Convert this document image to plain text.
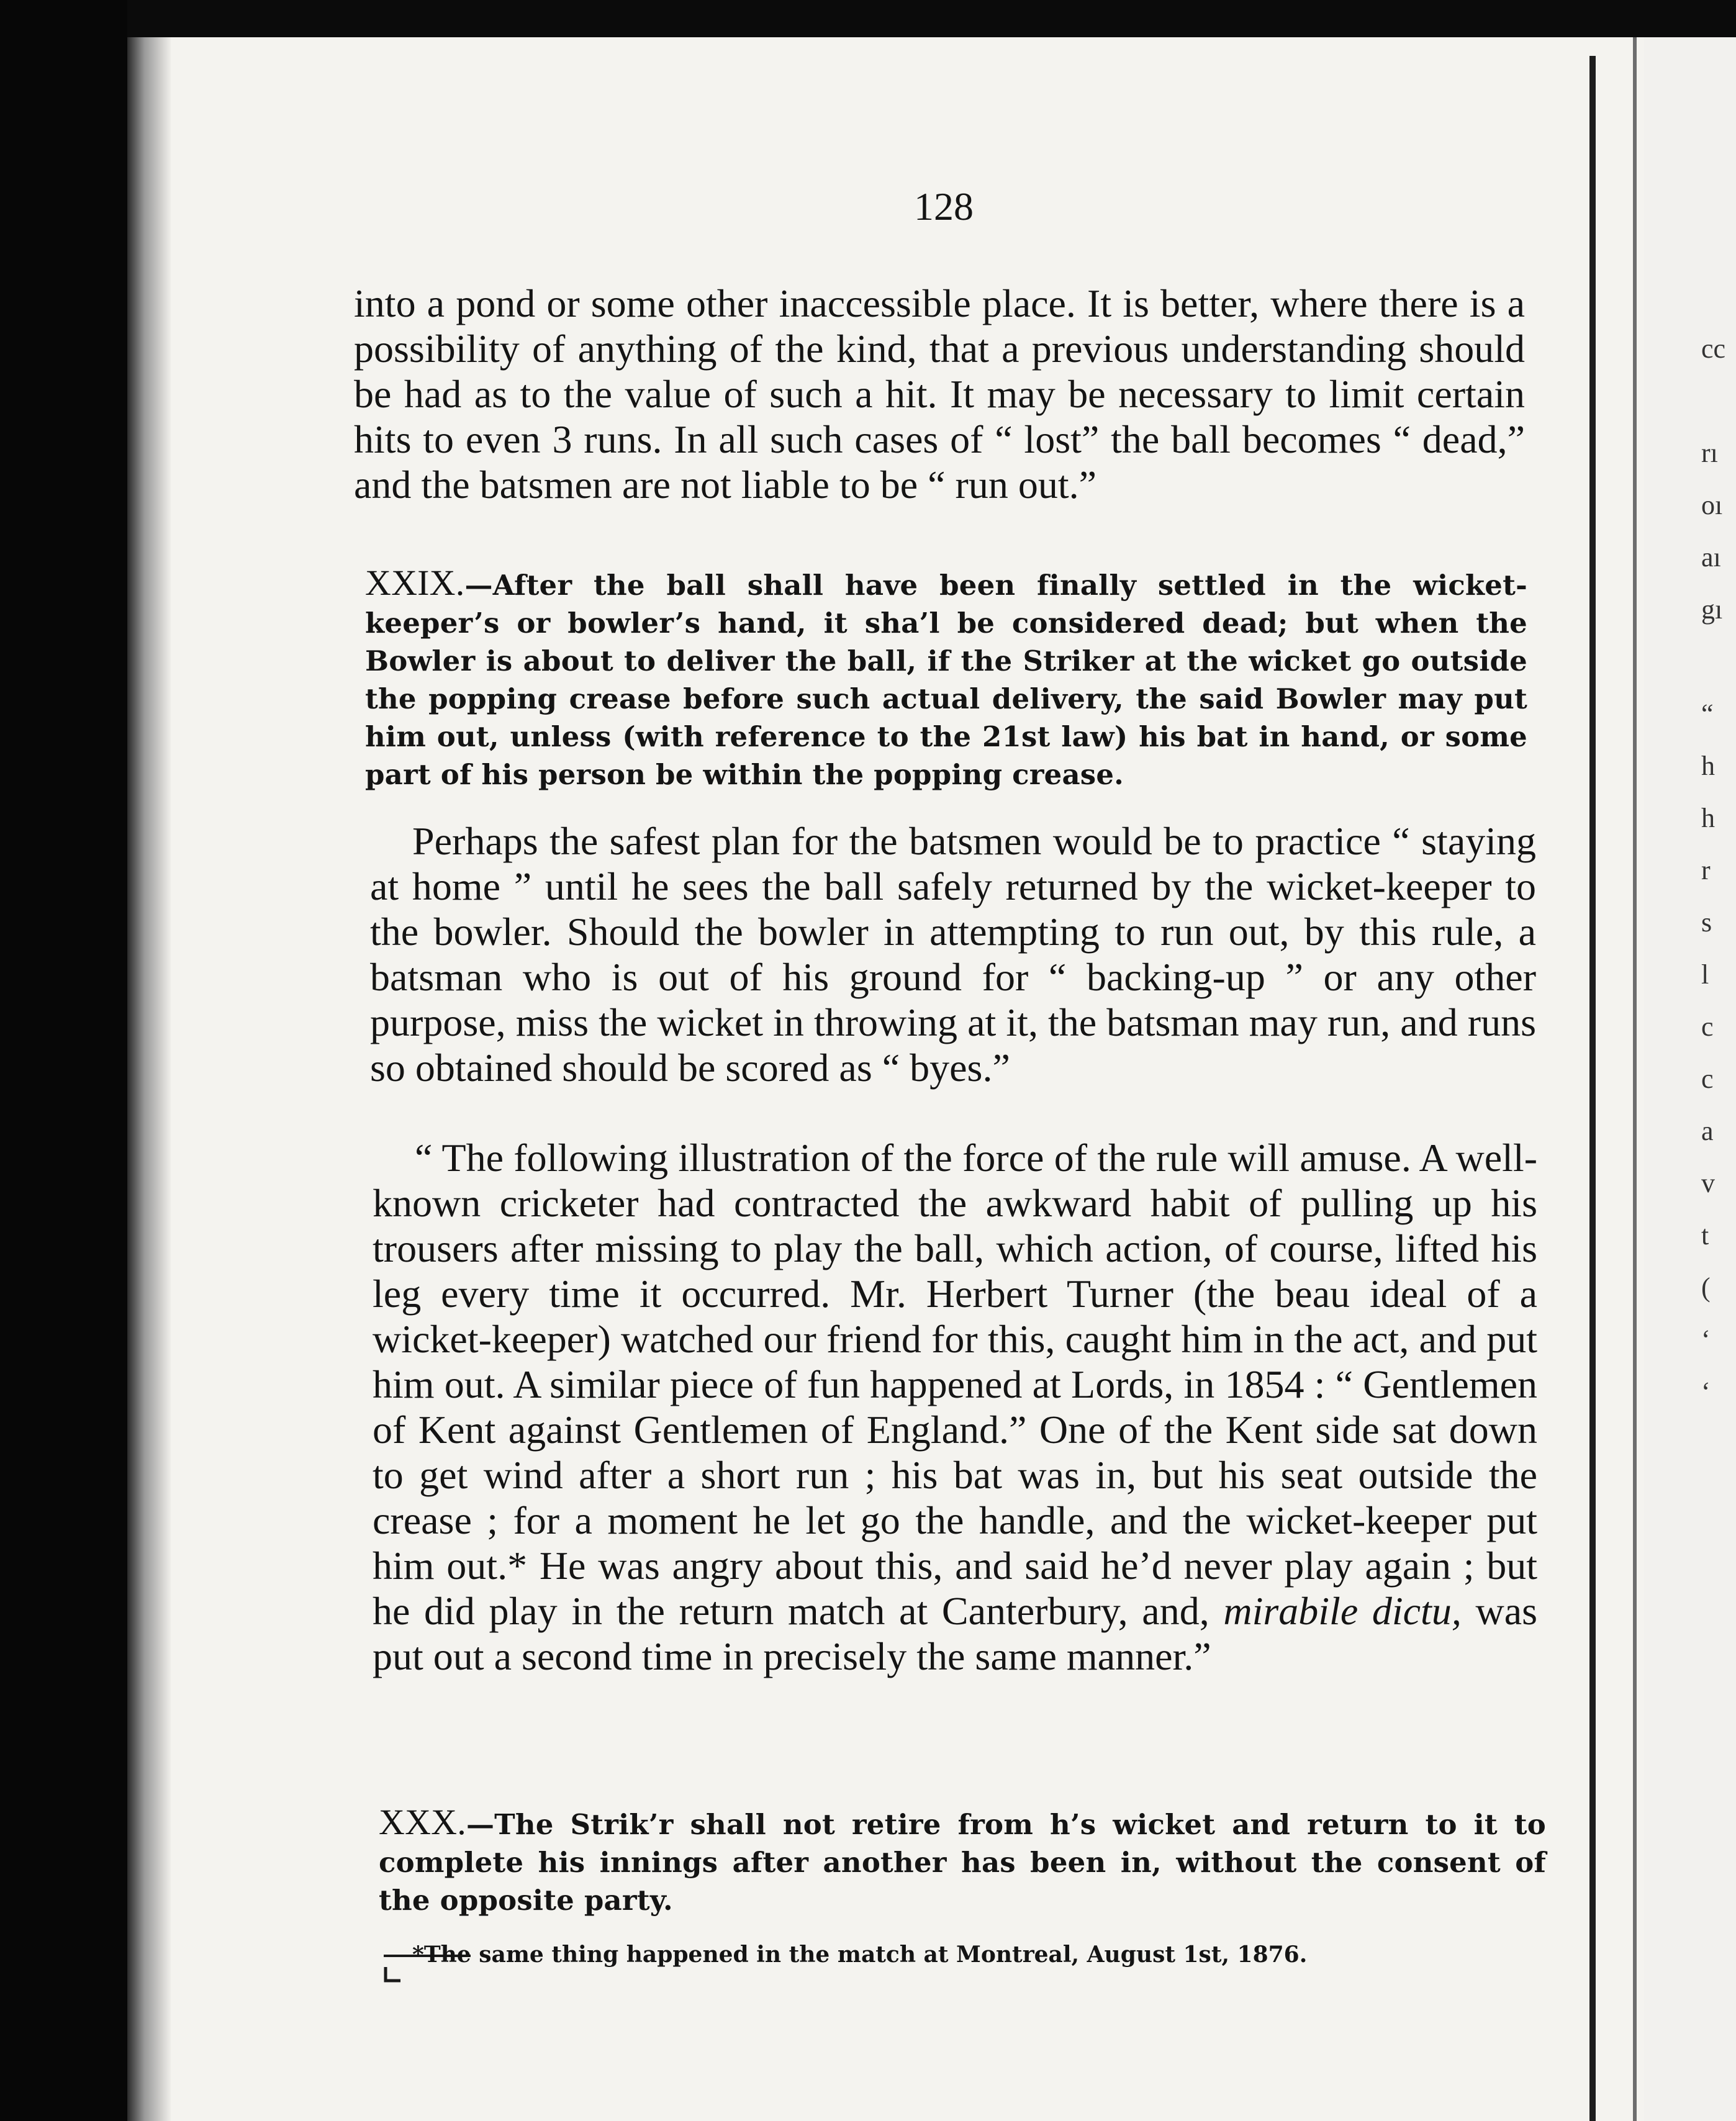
cc

rı
oı
aı
gı

“
h
h
r
s
l
c
c
a
v
t
(
‘
‘
128

into a pond or some other inaccessible place. It is better, where there is a possibility of anything of the kind, that a previous understanding should be had as to the value of such a hit. It may be necessary to limit certain hits to even 3 runs. In all such cases of “ lost” the ball becomes “ dead,” and the batsmen are not liable to be “ run out.”

XXIX.—After the ball shall have been finally settled in the wicket-keeper’s or bowler’s hand, it sha’l be considered dead; but when the Bowler is about to deliver the ball, if the Striker at the wicket go outside the popping crease before such actual delivery, the said Bowler may put him out, unless (with reference to the 21st law) his bat in hand, or some part of his person be within the popping crease.

Perhaps the safest plan for the batsmen would be to practice “ staying at home ” until he sees the ball safely returned by the wicket-keeper to the bowler. Should the bowler in attempting to run out, by this rule, a batsman who is out of his ground for “ backing-up ” or any other purpose, miss the wicket in throwing at it, the batsman may run, and runs so obtained should be scored as “ byes.”

“ The following illustration of the force of the rule will amuse. A well-known cricketer had contracted the awkward habit of pulling up his trousers after missing to play the ball, which action, of course, lifted his leg every time it occurred. Mr. Herbert Turner (the beau ideal of a wicket-keeper) watched our friend for this, caught him in the act, and put him out. A similar piece of fun happened at Lords, in 1854 : “ Gentlemen of Kent against Gentlemen of England.” One of the Kent side sat down to get wind after a short run ; his bat was in, but his seat outside the crease ; for a moment he let go the handle, and the wicket-keeper put him out.* He was angry about this, and said he’d never play again ; but he did play in the return match at Canterbury, and, mirabile dictu, was put out a second time in precisely the same manner.”

XXX.—The Strik’r shall not retire from h’s wicket and return to it to complete his innings after another has been in, without the consent of the opposite party.

*The same thing happened in the match at Montreal, August 1st, 1876.
